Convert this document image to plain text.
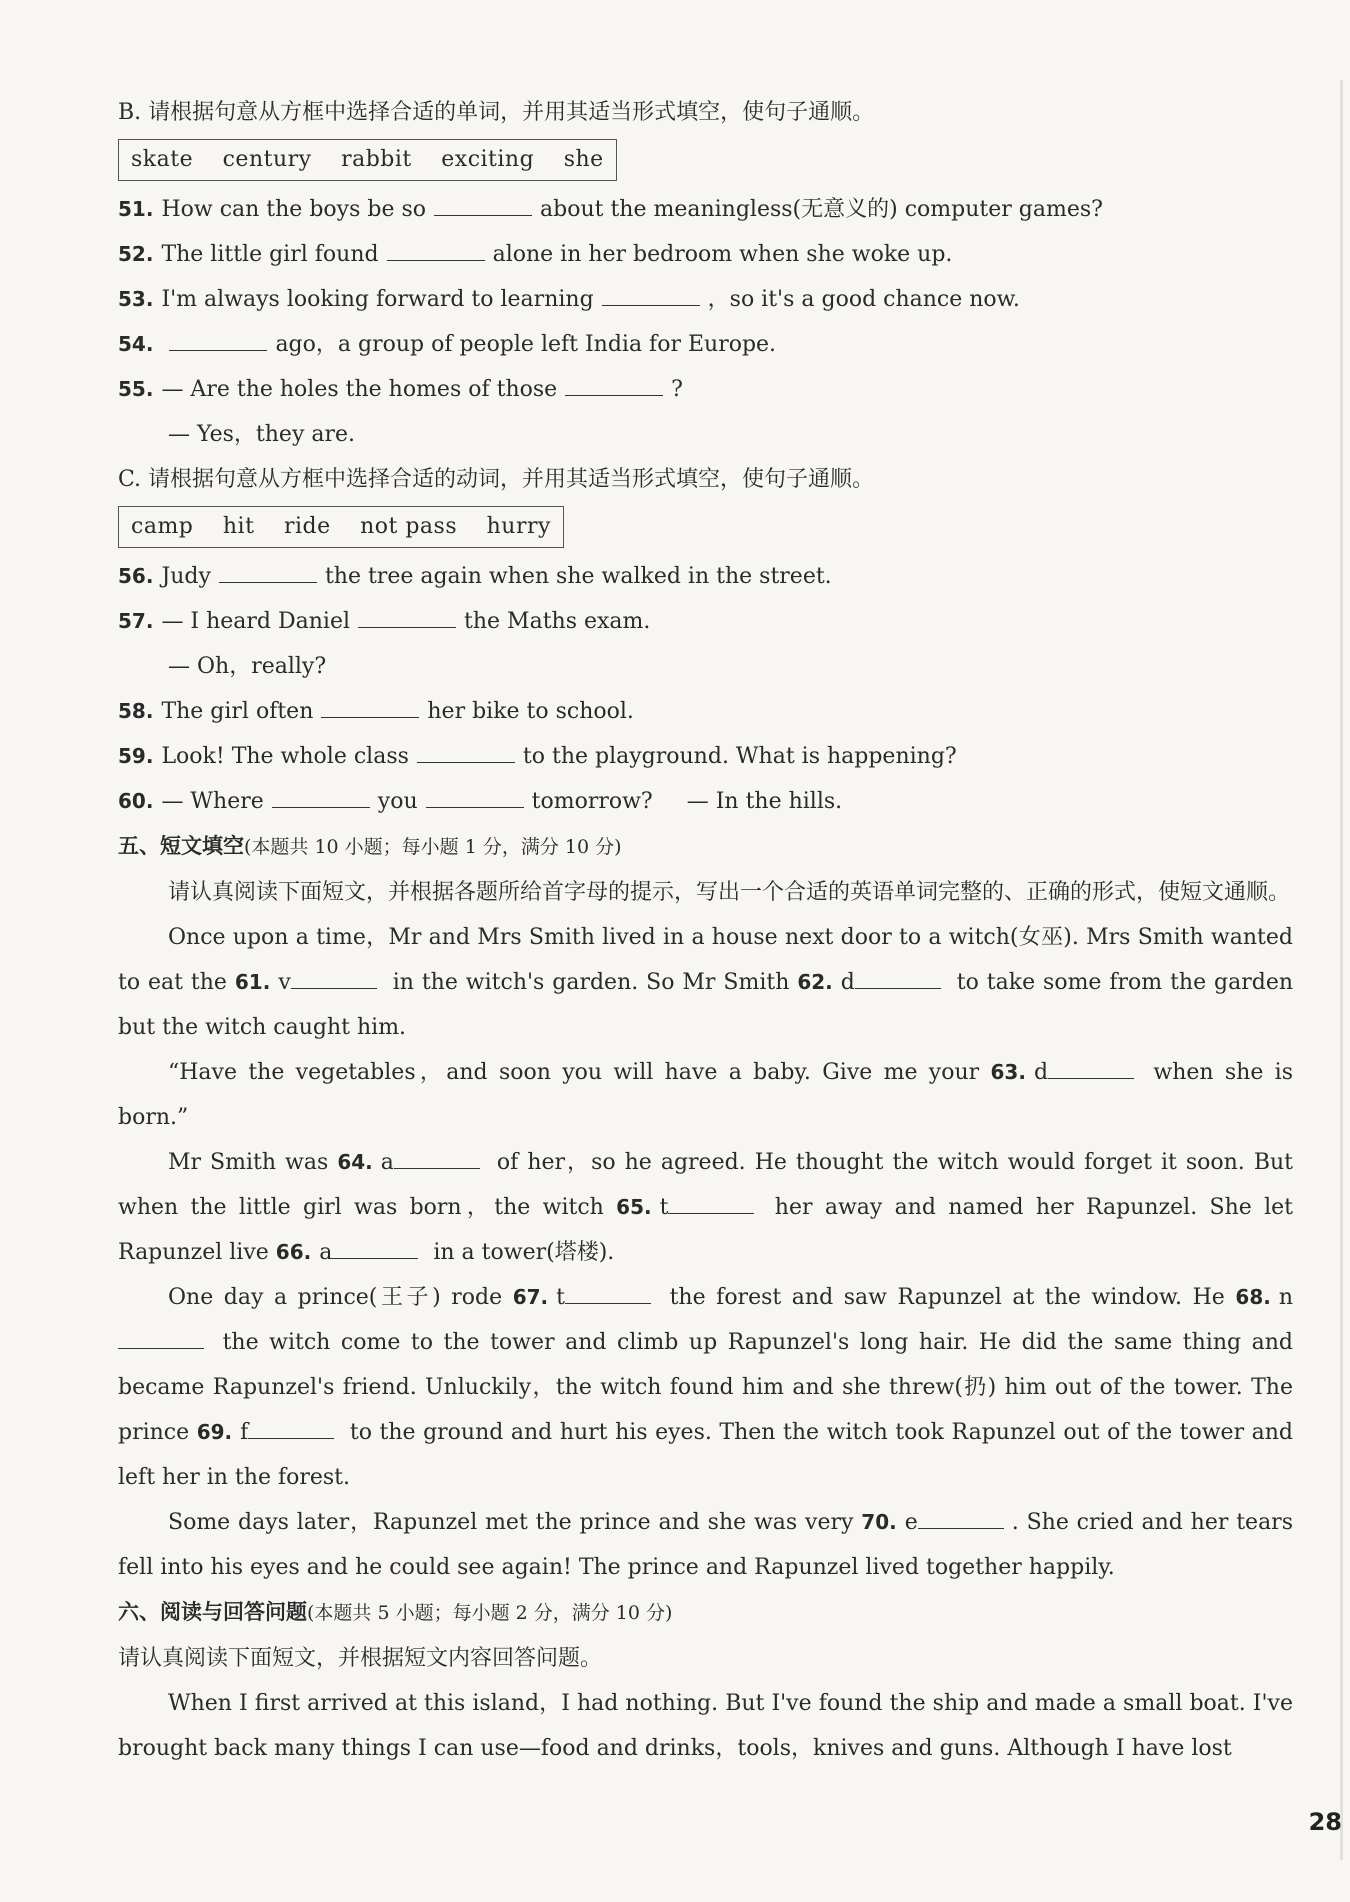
B. 请根据句意从方框中选择合适的单词，并用其适当形式填空，使句子通顺。
skate century rabbit exciting she
51. How can the boys be so	about the meaningless(无意义的) computer games?
52. The little girl found	alone in her bedroom when she woke up.
53. I'm always looking forward to learning	，so it's a good chance now.
54.	ago，a group of people left India for Europe.
55. — Are the holes the homes of those	?
— Yes，they are.
C. 请根据句意从方框中选择合适的动词，并用其适当形式填空，使句子通顺。
camp hit ride not pass hurry
56. Judy	the tree again when she walked in the street.
57. — I heard Daniel	the Maths exam.
— Oh，really?
58. The girl often	her bike to school.
59. Look! The whole class	to the playground. What is happening?
60. — Where	you	tomorrow? — In the hills.
五、短文填空(本题共 10 小题；每小题 1 分，满分 10 分)
请认真阅读下面短文，并根据各题所给首字母的提示，写出一个合适的英语单词完整的、正确的形式，使短文通顺。
Once upon a time，Mr and Mrs Smith lived in a house next door to a witch(女巫). Mrs Smith wanted to eat the 61. v	in the witch's garden. So Mr Smith 62. d	to take some from the garden but the witch caught him.
“Have the vegetables，and soon you will have a baby. Give me your 63. d	when she is born.”
Mr Smith was 64. a	of her，so he agreed. He thought the witch would forget it soon. But when the little girl was born，the witch 65. t	her away and named her Rapunzel. She let Rapunzel live 66. a	in a tower(塔楼).
One day a prince(王子) rode 67. t	the forest and saw Rapunzel at the window. He 68. n the witch come to the tower and climb up Rapunzel's long hair. He did the same thing and became Rapunzel's friend. Unluckily，the witch found him and she threw(扔) him out of the tower. The prince 69. f	to the ground and hurt his eyes. Then the witch took Rapunzel out of the tower and left her in the forest.
Some days later，Rapunzel met the prince and she was very 70. e	. She cried and her tears fell into his eyes and he could see again! The prince and Rapunzel lived together happily.
六、阅读与回答问题(本题共 5 小题；每小题 2 分，满分 10 分)
请认真阅读下面短文，并根据短文内容回答问题。
When I first arrived at this island，I had nothing. But I've found the ship and made a small boat. I've brought back many things I can use—food and drinks，tools，knives and guns. Although I have lost
28
